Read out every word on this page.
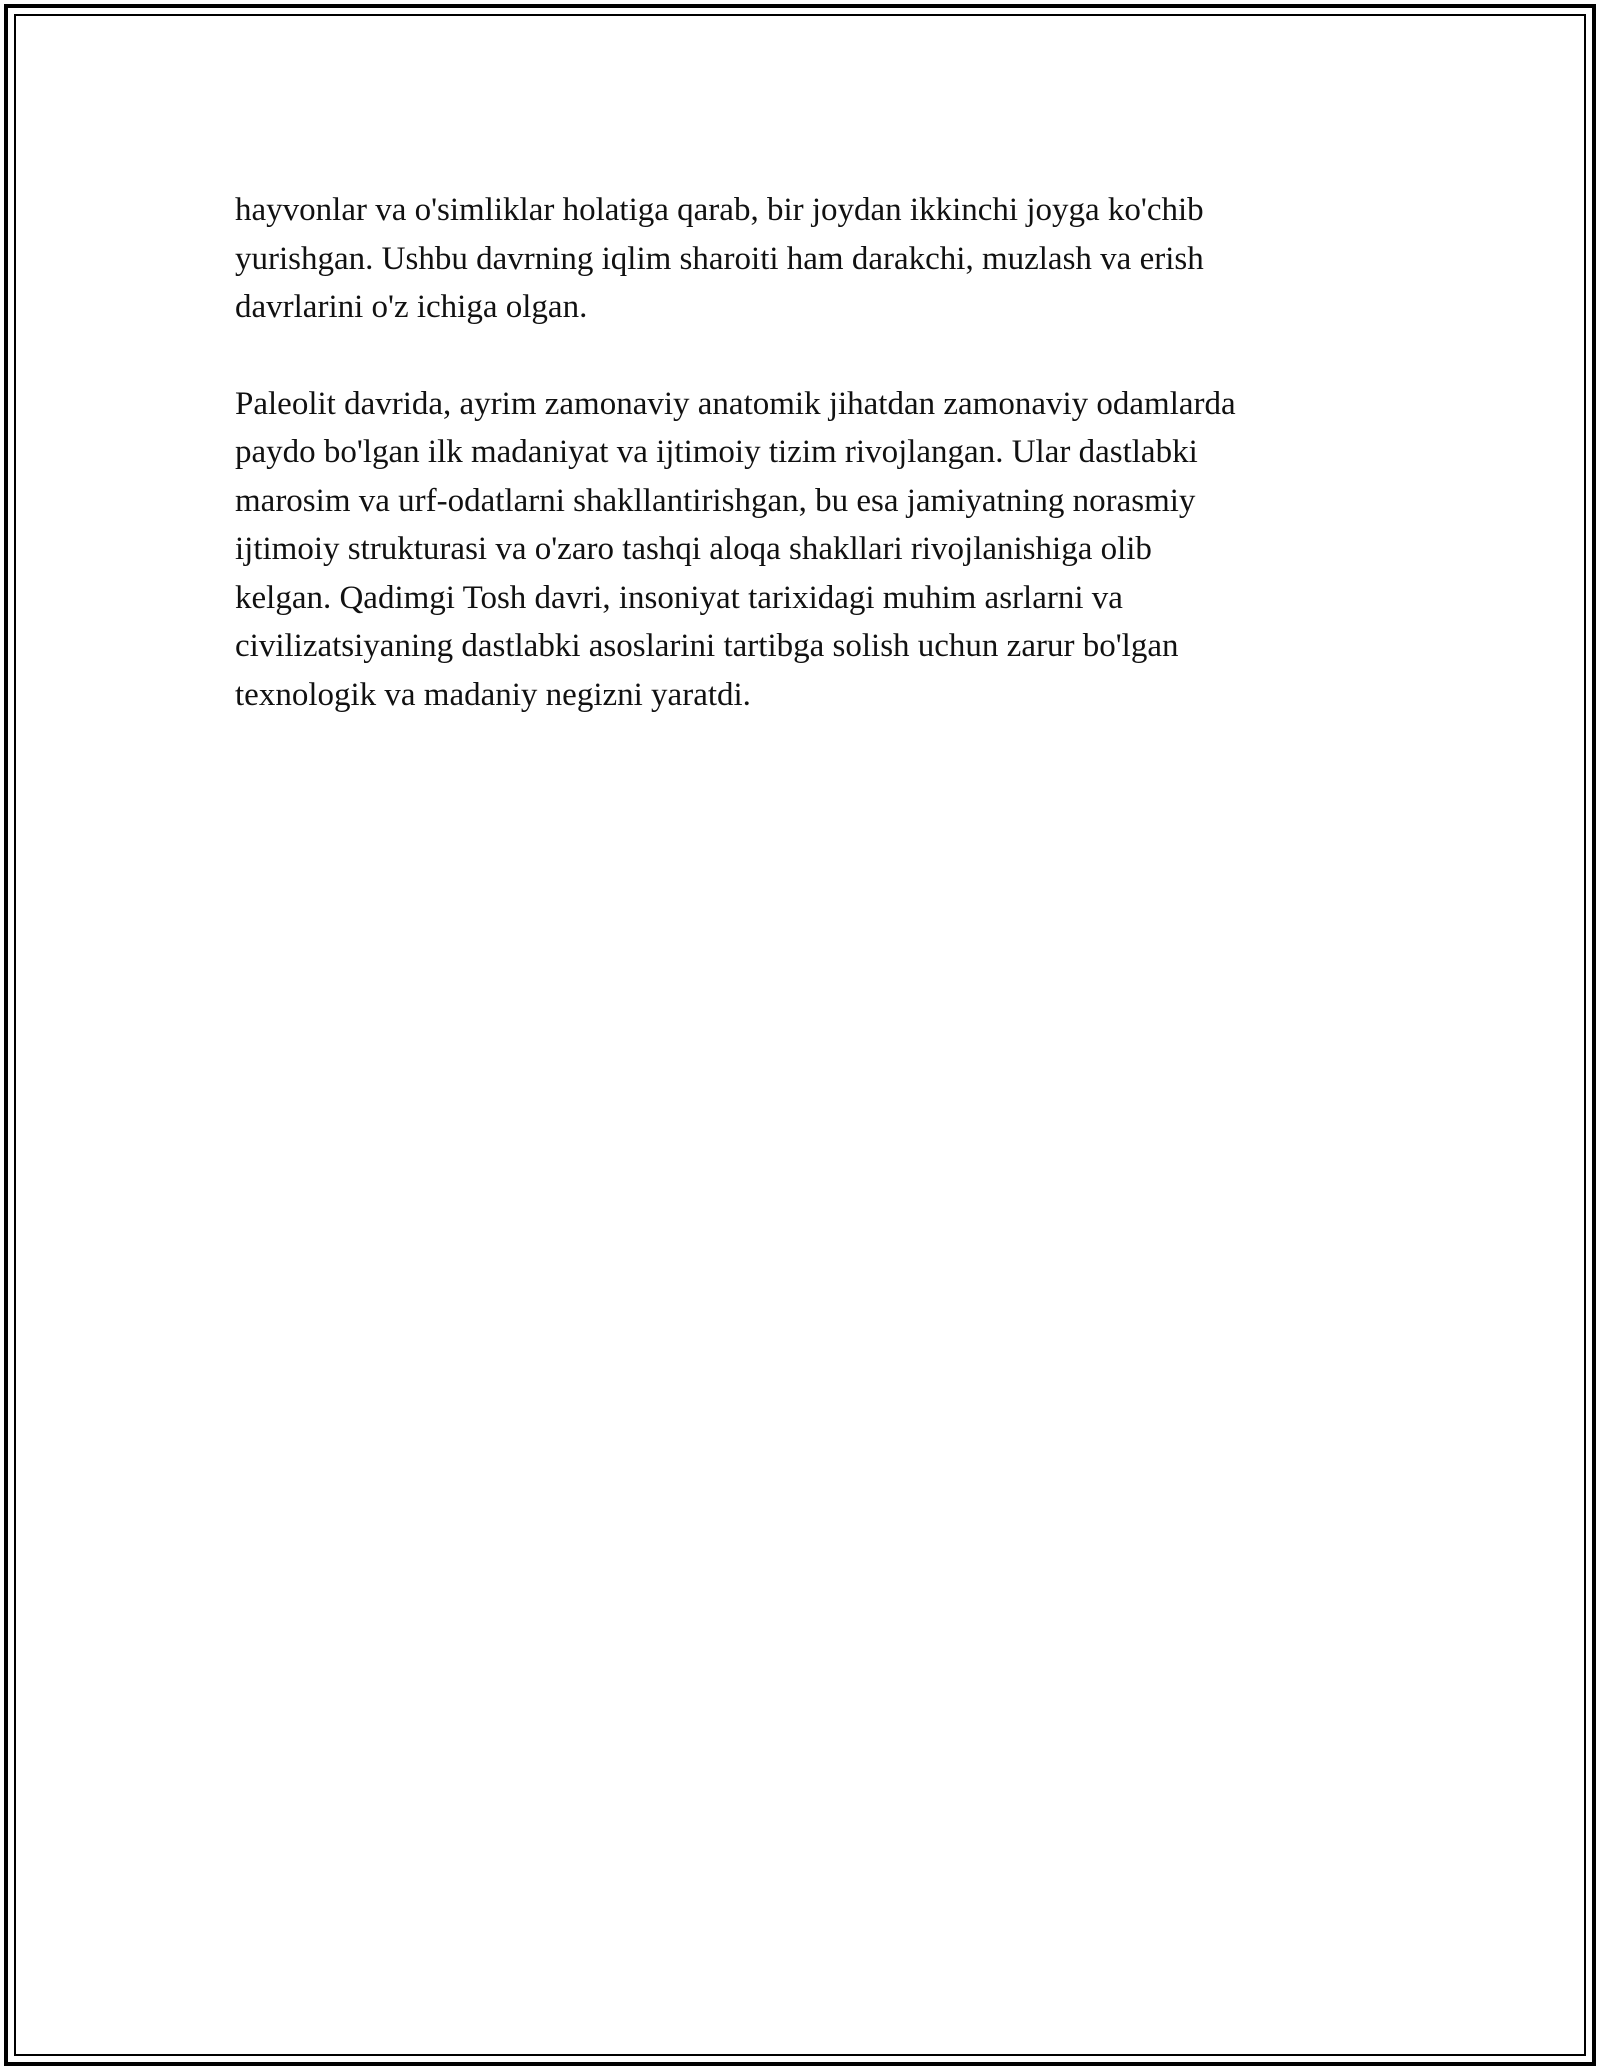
hayvonlar va o'simliklar holatiga qarab, bir joydan ikkinchi joyga ko'chib
yurishgan. Ushbu davrning iqlim sharoiti ham darakchi, muzlash va erish
davrlarini o'z ichiga olgan.

Paleolit davrida, ayrim zamonaviy anatomik jihatdan zamonaviy odamlarda
paydo bo'lgan ilk madaniyat va ijtimoiy tizim rivojlangan. Ular dastlabki
marosim va urf-odatlarni shakllantirishgan, bu esa jamiyatning norasmiy
ijtimoiy strukturasi va o'zaro tashqi aloqa shakllari rivojlanishiga olib
kelgan. Qadimgi Tosh davri, insoniyat tarixidagi muhim asrlarni va
civilizatsiyaning dastlabki asoslarini tartibga solish uchun zarur bo'lgan
texnologik va madaniy negizni yaratdi.
